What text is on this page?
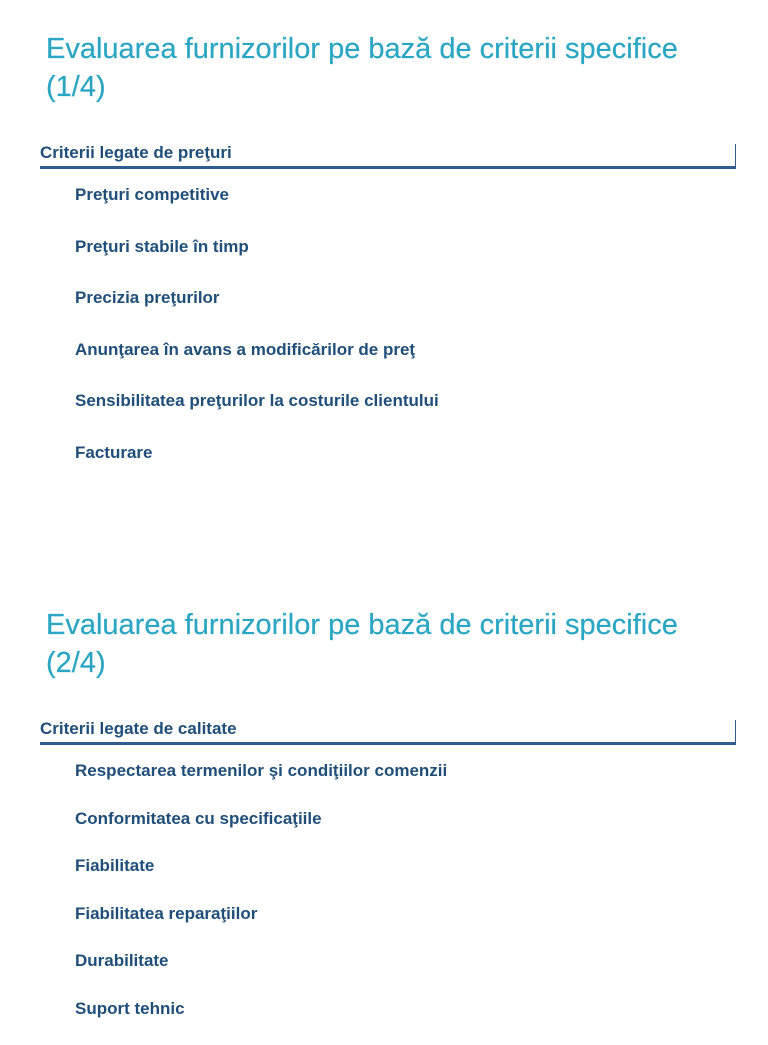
Evaluarea furnizorilor pe bază de criterii specifice (1/4)
Criterii legate de preţuri
Preţuri competitive
Preţuri stabile în timp
Precizia preţurilor
Anunţarea în avans a modificărilor de preţ
Sensibilitatea preţurilor la costurile clientului
Facturare
Evaluarea furnizorilor pe bază de criterii specifice (2/4)
Criterii legate de calitate
Respectarea termenilor şi condiţiilor comenzii
Conformitatea cu specificaţiile
Fiabilitate
Fiabilitatea reparaţiilor
Durabilitate
Suport tehnic
